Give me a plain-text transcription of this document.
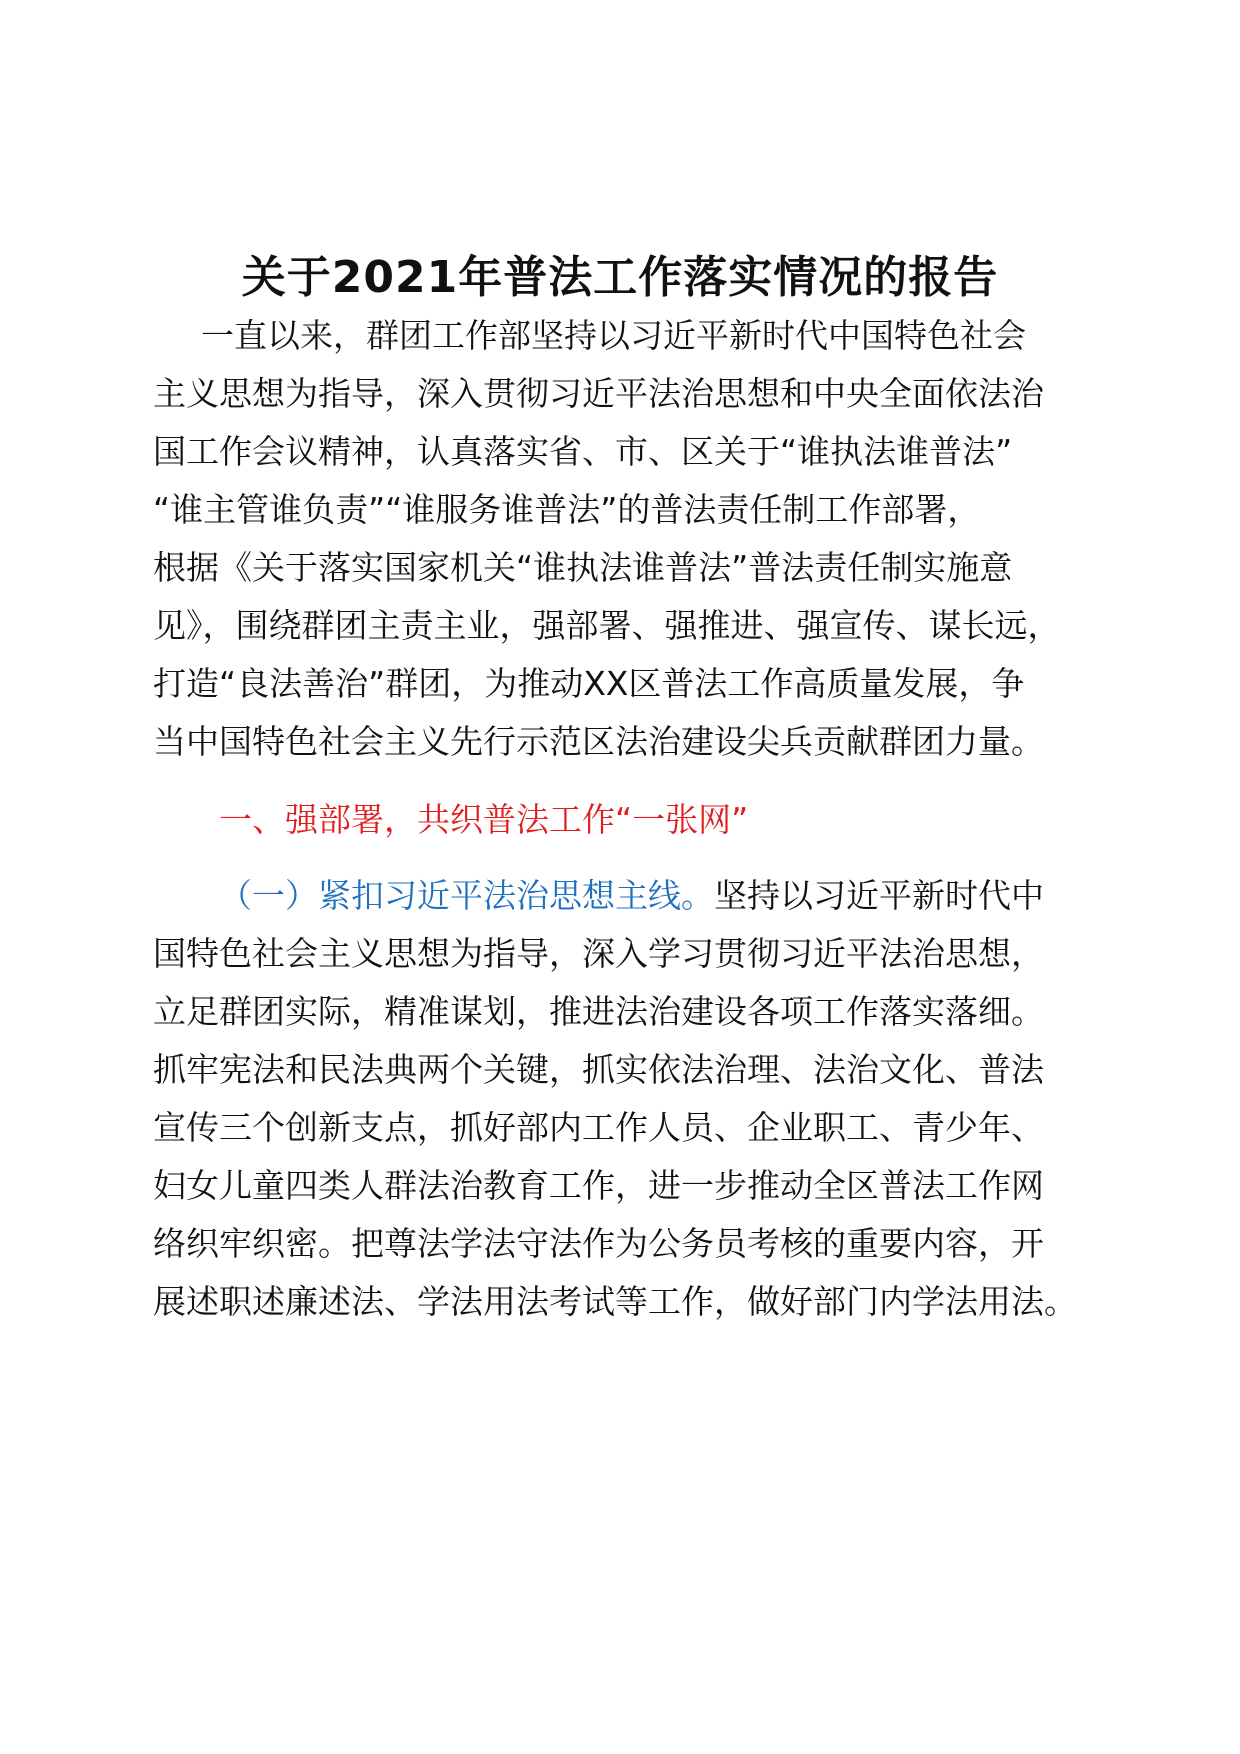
关于2021年普法工作落实情况的报告
一直以来，群团工作部坚持以习近平新时代中国特色社会
主义思想为指导，深入贯彻习近平法治思想和中央全面依法治
国工作会议精神，认真落实省、市、区关于“谁执法谁普法”
“谁主管谁负责”“谁服务谁普法”的普法责任制工作部署，
根据《关于落实国家机关“谁执法谁普法”普法责任制实施意
见》，围绕群团主责主业，强部署、强推进、强宣传、谋长远，
打造“良法善治”群团，为推动XX区普法工作高质量发展，争
当中国特色社会主义先行示范区法治建设尖兵贡献群团力量。
一、强部署，共织普法工作“一张网”
（一）紧扣习近平法治思想主线。坚持以习近平新时代中
国特色社会主义思想为指导，深入学习贯彻习近平法治思想，
立足群团实际，精准谋划，推进法治建设各项工作落实落细。
抓牢宪法和民法典两个关键，抓实依法治理、法治文化、普法
宣传三个创新支点，抓好部内工作人员、企业职工、青少年、
妇女儿童四类人群法治教育工作，进一步推动全区普法工作网
络织牢织密。把尊法学法守法作为公务员考核的重要内容，开
展述职述廉述法、学法用法考试等工作，做好部门内学法用法。
